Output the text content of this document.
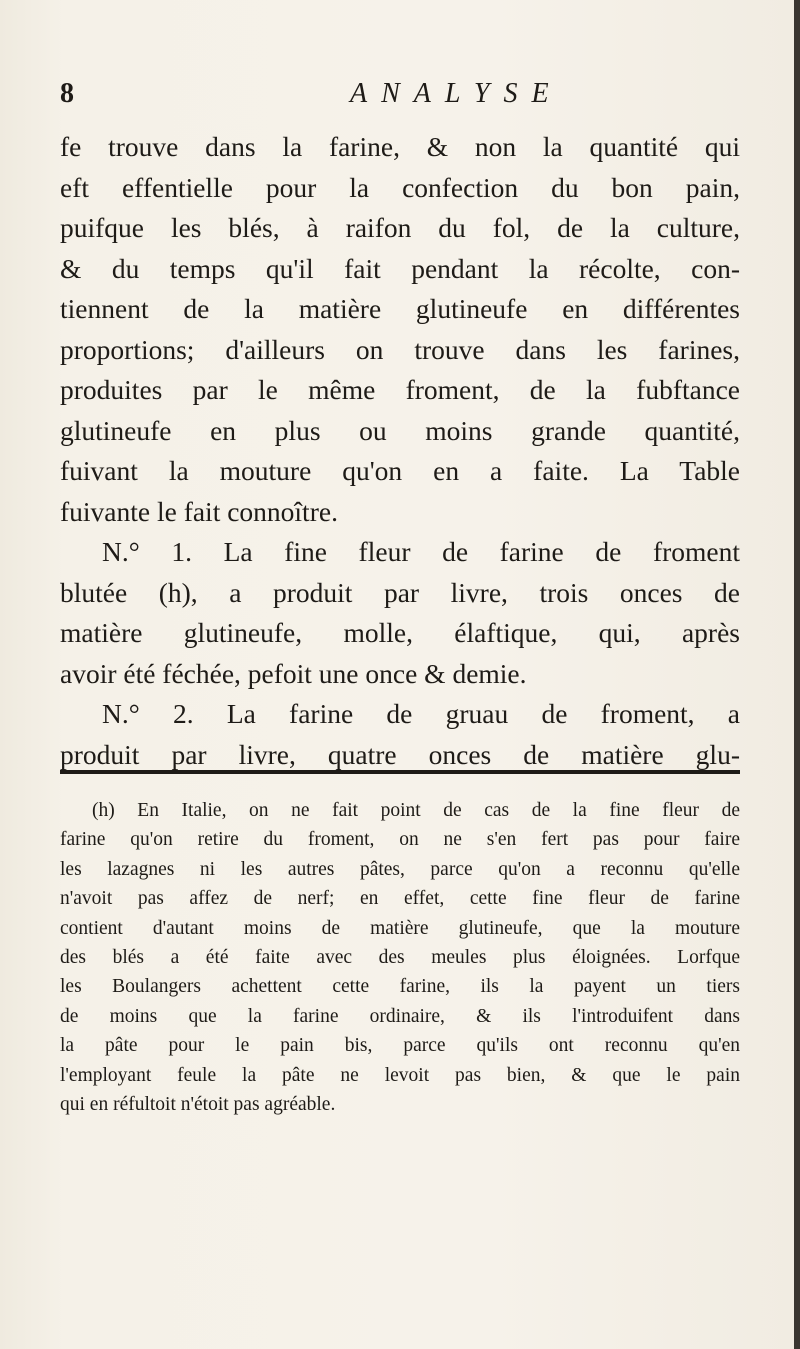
8	ANALYSE
fe trouve dans la farine, & non la quantité qui
eft effentielle pour la confection du bon pain,
puifque les blés, à raifon du fol, de la culture,
& du temps qu'il fait pendant la récolte, con-
tiennent de la matière glutineufe en différentes
proportions; d'ailleurs on trouve dans les farines,
produites par le même froment, de la fubftance
glutineufe en plus ou moins grande quantité,
fuivant la mouture qu'on en a faite. La Table
fuivante le fait connoître.
N.° 1. La fine fleur de farine de froment
blutée (h), a produit par livre, trois onces de
matière glutineufe, molle, élaftique, qui, après
avoir été féchée, pefoit une once & demie.
N.° 2. La farine de gruau de froment, a
produit par livre, quatre onces de matière glu-
(h) En Italie, on ne fait point de cas de la fine fleur de
farine qu'on retire du froment, on ne s'en fert pas pour faire
les lazagnes ni les autres pâtes, parce qu'on a reconnu qu'elle
n'avoit pas affez de nerf; en effet, cette fine fleur de farine
contient d'autant moins de matière glutineufe, que la mouture
des blés a été faite avec des meules plus éloignées. Lorfque
les Boulangers achettent cette farine, ils la payent un tiers
de moins que la farine ordinaire, & ils l'introduifent dans
la pâte pour le pain bis, parce qu'ils ont reconnu qu'en
l'employant feule la pâte ne levoit pas bien, & que le pain
qui en réfultoit n'étoit pas agréable.
